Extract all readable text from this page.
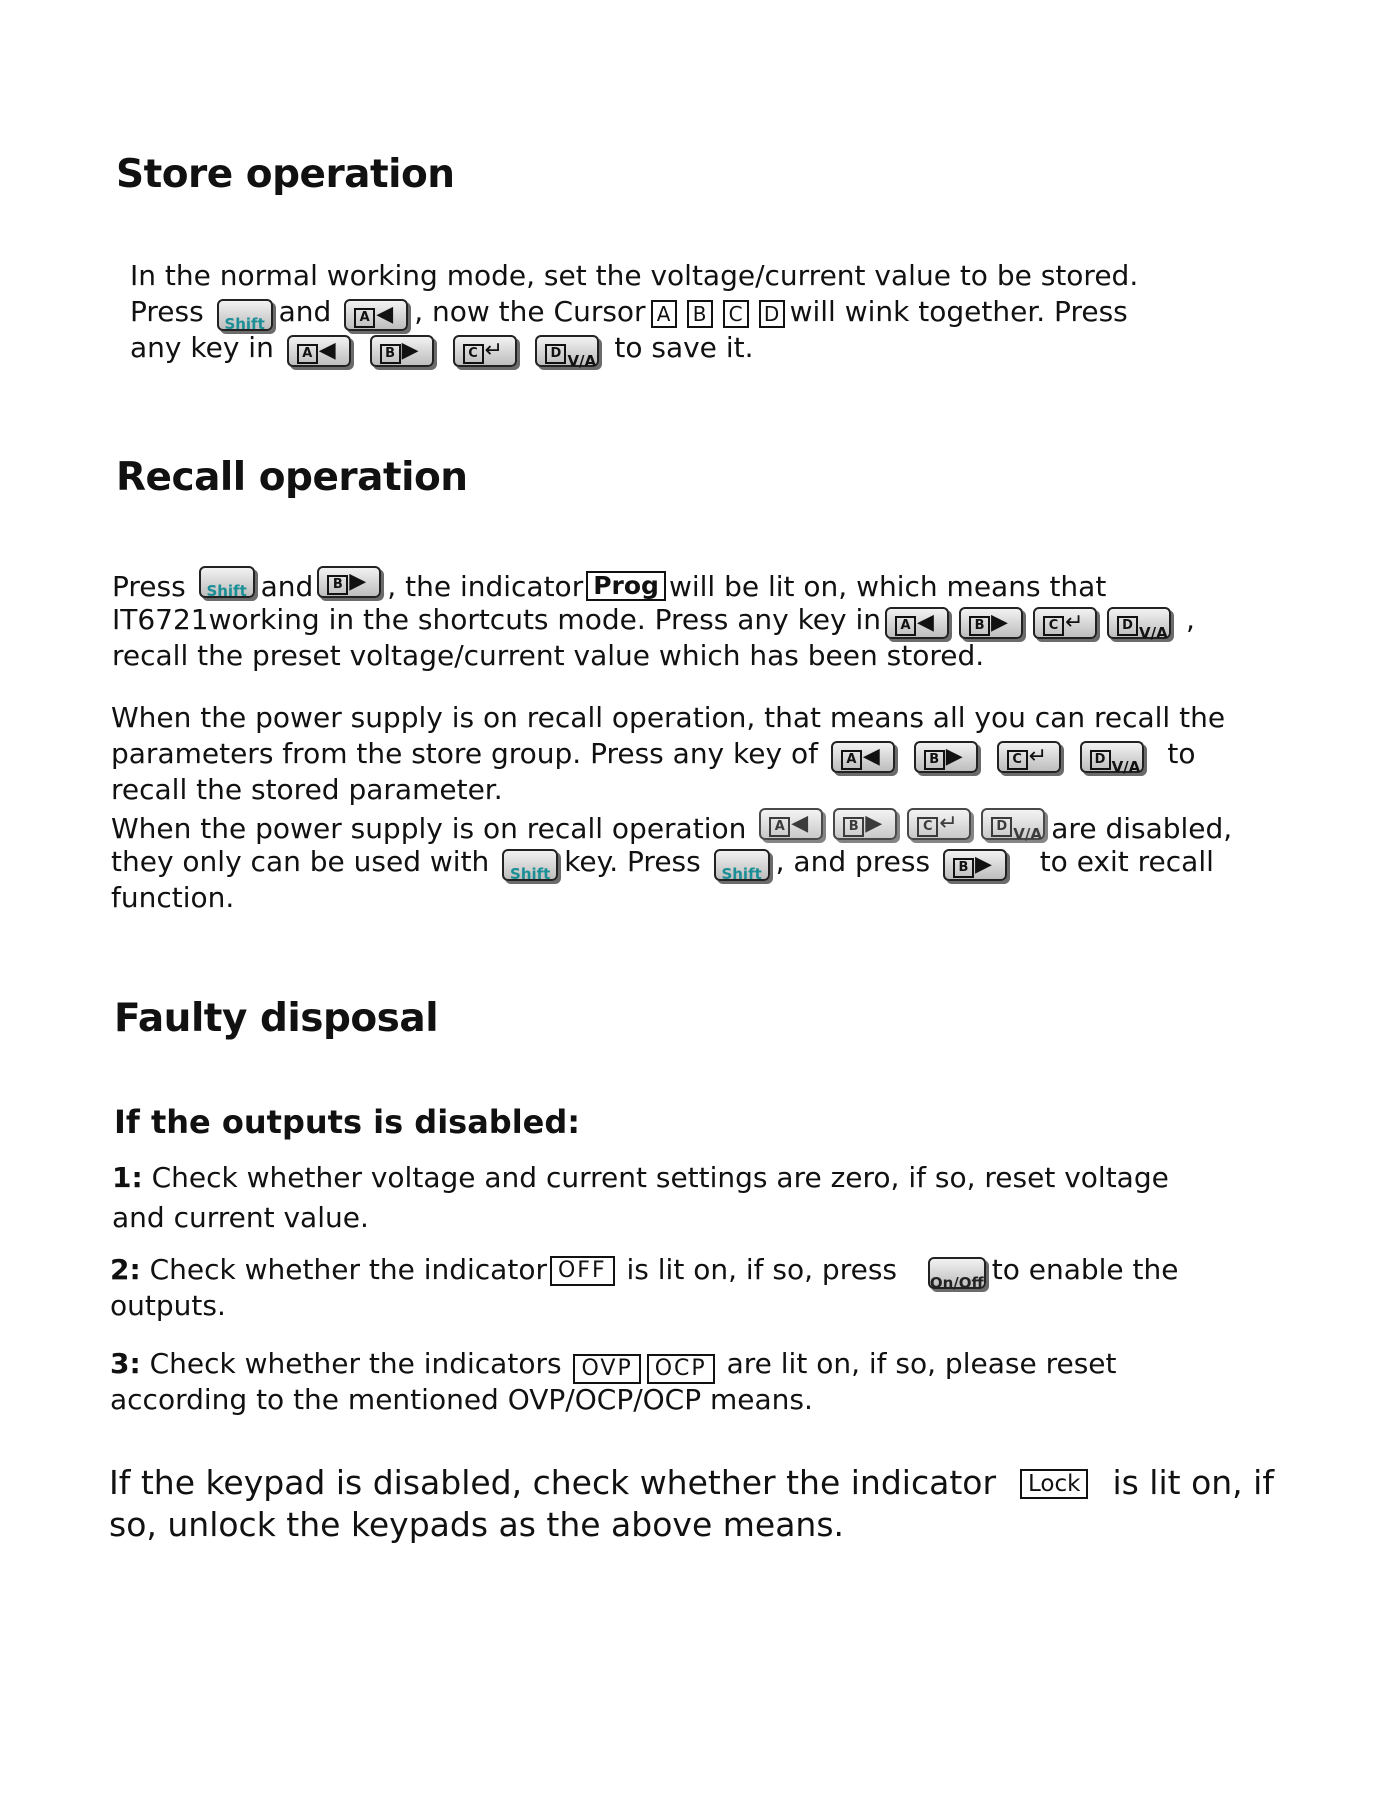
Store operation
In the normal working mode, set the voltage/current value to be stored.
Press	Shift and	A ◀ , now the Cursor A B C D will wink together. Press
any key in	A ◀
	B ▶
	C ↵
	D V/A to save it.
Recall operation
Press	Shift and	B ▶ , the indicator Prog will be lit on, which means that
IT6721working in the shortcuts mode. Press any key in	A ◀	B ▶	C ↵	D V/A ,
recall the preset voltage/current value which has been stored.
When the power supply is on recall operation, that means all you can recall the
parameters from the store group. Press any key of	A ◀
	B ▶
	C ↵
	D V/A to
recall the stored parameter.
When the power supply is on recall operation	A ◀	B ▶	C ↵	D V/A are disabled,
they only can be used with	Shift key. Press	Shift , and press	B ▶ to exit recall
function.
Faulty disposal
If the outputs is disabled:
1: Check whether voltage and current settings are zero, if so, reset voltage
and current value.
2: Check whether the indicator OFF is lit on, if so, press On/Off to enable the
outputs.
3: Check whether the indicators OVP OCP are lit on, if so, please reset
according to the mentioned OVP/OCP/OCP means.
If the keypad is disabled, check whether the indicator Lock is lit on, if
so, unlock the keypads as the above means.
